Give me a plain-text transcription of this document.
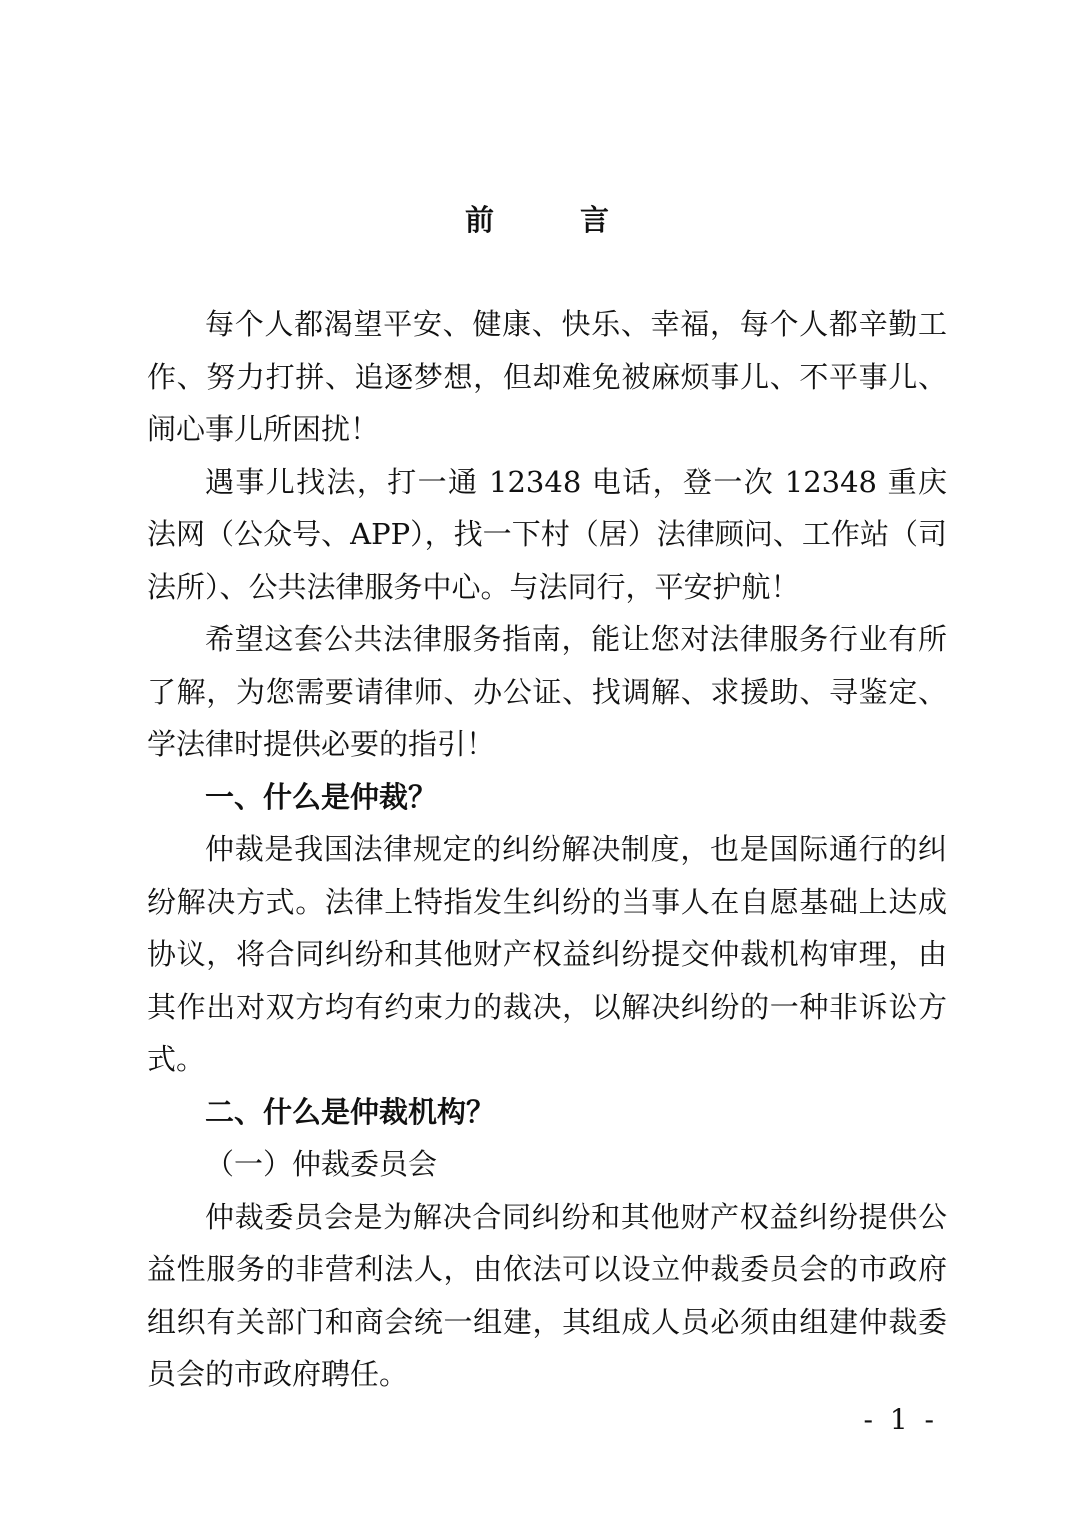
前 言

每个人都渴望平安、健康、快乐、幸福，每个人都辛勤工作、努力打拼、追逐梦想，但却难免被麻烦事儿、不平事儿、闹心事儿所困扰！

遇事儿找法，打一通 12348 电话，登一次 12348 重庆法网（公众号、APP），找一下村（居）法律顾问、工作站（司法所）、公共法律服务中心。与法同行，平安护航！

希望这套公共法律服务指南，能让您对法律服务行业有所了解，为您需要请律师、办公证、找调解、求援助、寻鉴定、学法律时提供必要的指引！

一、什么是仲裁？

仲裁是我国法律规定的纠纷解决制度，也是国际通行的纠纷解决方式。法律上特指发生纠纷的当事人在自愿基础上达成协议，将合同纠纷和其他财产权益纠纷提交仲裁机构审理，由其作出对双方均有约束力的裁决，以解决纠纷的一种非诉讼方式。

二、什么是仲裁机构？

（一）仲裁委员会

仲裁委员会是为解决合同纠纷和其他财产权益纠纷提供公益性服务的非营利法人，由依法可以设立仲裁委员会的市政府组织有关部门和商会统一组建，其组成人员必须由组建仲裁委员会的市政府聘任。

- 1 -
